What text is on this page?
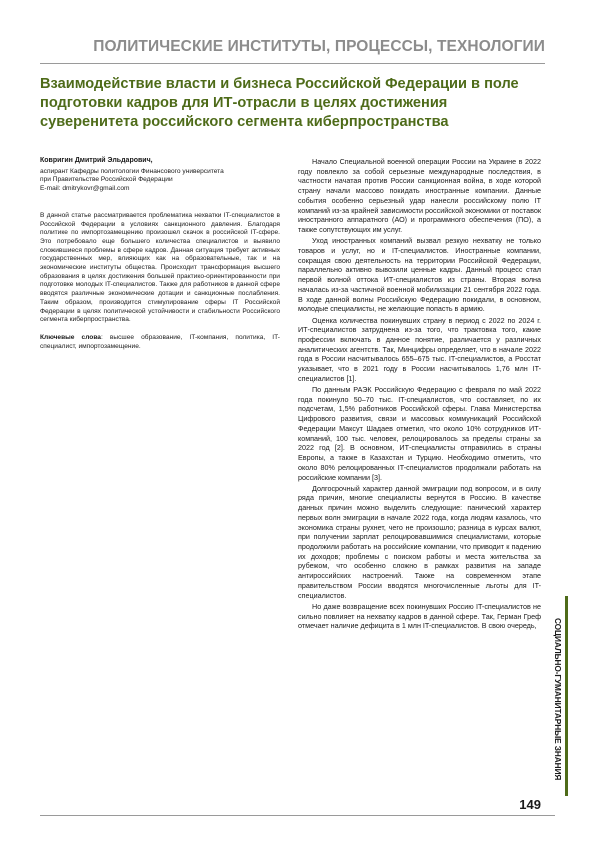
ПОЛИТИЧЕСКИЕ ИНСТИТУТЫ, ПРОЦЕССЫ, ТЕХНОЛОГИИ
Взаимодействие власти и бизнеса Российской Федерации в поле подготовки кадров для ИТ-отрасли в целях достижения суверенитета российского сегмента киберпространства
Ковригин Дмитрий Эльдарович,
аспирант Кафедры политологии Финансового университета
при Правительстве Российской Федерации
E-mail: dmitrykovr@gmail.com
В данной статье рассматривается проблематика нехватки IT-специалистов в Российской Федерации в условиях санкционного давления. Благодаря политике по импортозамещению произошел скачок в российской IT-сфере. Это потребовало еще большего количества специалистов и выявило сложившиеся проблемы в сфере кадров. Данная ситуация требует активных государственных мер, влияющих как на образовательные, так и на экономические институты общества. Происходит трансформация высшего образования в целях достижения большей практико-ориентированности при подготовке молодых IT-специалистов. Также для работников в данной сфере вводятся различные экономические дотации и санкционные послабления. Таким образом, производится стимулирование сферы IT Российской Федерации в целях политической устойчивости и стабильности Российского сегмента киберпространства.
Ключевые слова: высшее образование, IT-компания, политика, IT-специалист, импортозамещение.

Начало Специальной военной операции России на Украине в 2022 году повлекло за собой серьезные международные последствия, в частности начатая против России санкционная война, в ходе которой страну начали массово покидать иностранные компании. Данные события особенно серьезный удар нанесли российскому полю IT компаний из-за крайней зависимости российской экономики от поставок иностранного аппаратного (АО) и программного обеспечения (ПО), а также сопутствующих им услуг.

Уход иностранных компаний вызвал резкую нехватку не только товаров и услуг, но и IT-специалистов. Иностранные компании, сокращая свою деятельность на территории Российской Федерации, параллельно активно вывозили ценные кадры. Данный процесс стал первой волной оттока ИТ-специалистов из страны. Вторая волна началась из-за частичной военной мобилизации 21 сентября 2022 года. В ходе данной волны Российскую Федерацию покидали, в основном, молодые специалисты, не желающие попасть в армию.

Оценка количества покинувших страну в период с 2022 по 2024 г. ИТ-специалистов затруднена из-за того, что трактовка того, какие профессии включать в данное понятие, различается у различных аналитических агентств. Так, Минцифры определяет, что в начале 2022 года в России насчитывалось 655–675 тыс. IT-специалистов, а Росстат указывает, что в 2021 году в России насчитывалось 1,76 млн IT-специалистов [1].

По данным РАЭК Российскую Федерацию с февраля по май 2022 года покинуло 50–70 тыс. IT-специалистов, что составляет, по их подсчетам, 1,5% работников Российской сферы. Глава Министерства Цифрового развития, связи и массовых коммуникаций Российской Федерации Максут Шадаев отметил, что около 10% сотрудников ИТ-компаний, 100 тыс. человек, релоцировалось за пределы страны за 2022 год [2]. В основном, ИТ-специалисты отправились в страны Европы, а также в Казахстан и Турцию. Необходимо отметить, что около 80% релоцированных IT-специалистов продолжали работать на российские компании [3].

Долгосрочный характер данной эмиграции под вопросом, и в силу ряда причин, многие специалисты вернутся в Россию. В качестве данных причин можно выделить следующие: панический характер первых волн эмиграции в начале 2022 года, когда людям казалось, что экономика страны рухнет, чего не произошло; разница в курсах валют, при получении зарплат релоцировавшимися специалистами, которые продолжили работать на российские компании, что приводит к падению их доходов; проблемы с поиском работы и места жительства за рубежом, что особенно сложно в рамках развития на западе антироссийских настроений. Также на современном этапе правительством России вводятся многочисленные льготы для IT-специалистов.

Но даже возвращение всех покинувших Россию IT-специалистов не сильно повлияет на нехватку кадров в данной сфере. Так, Герман Греф отмечает наличие дефицита в 1 млн IT-специалистов. В свою очередь,	СОЦИАЛЬНО-ГУМАНИТАРНЫЕ ЗНАНИЯ
149
